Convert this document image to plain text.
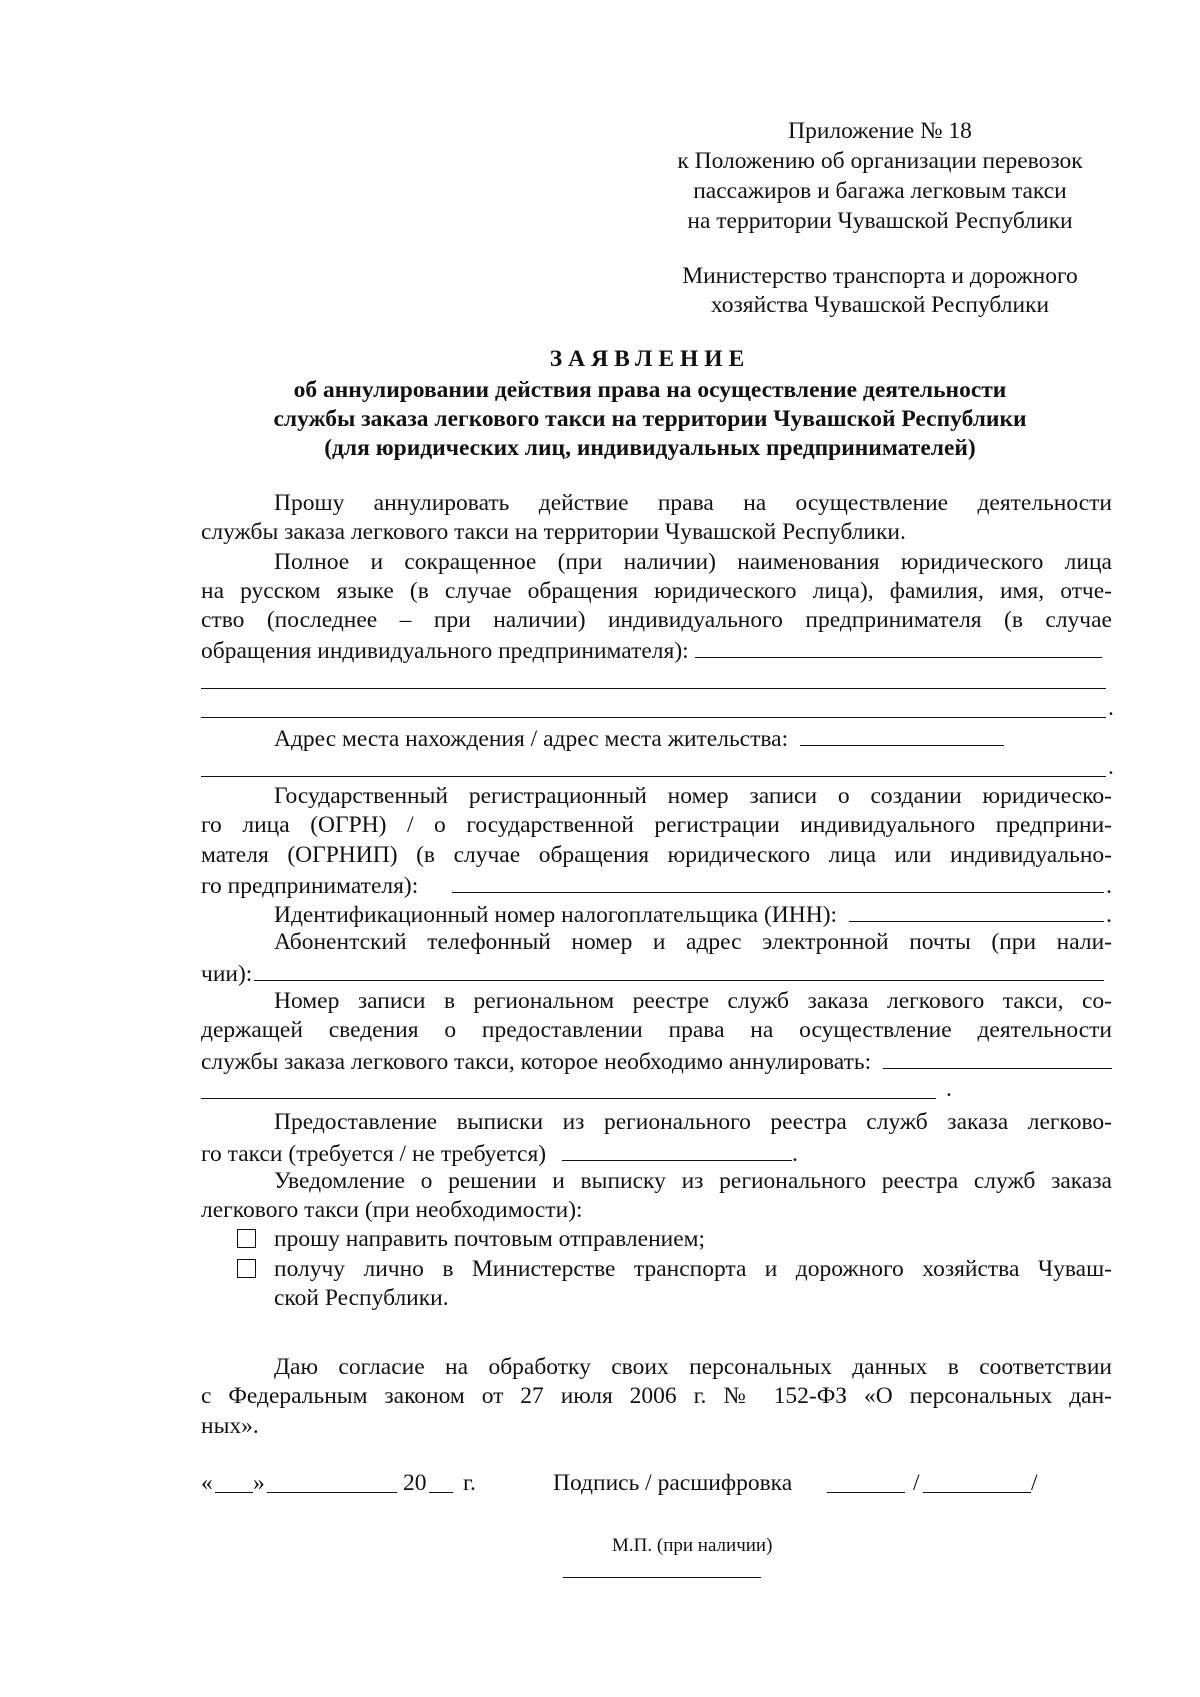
Приложение № 18
к Положению об организации перевозок
пассажиров и багажа легковым такси
на территории Чувашской Республики
Министерство транспорта и дорожного
хозяйства Чувашской Республики
ЗАЯВЛЕНИЕ
об аннулировании действия права на осуществление деятельности
службы заказа легкового такси на территории Чувашской Республики
(для юридических лиц, индивидуальных предпринимателей)
Прошу аннулировать действие права на осуществление деятельности
службы заказа легкового такси на территории Чувашской Республики.
Полное и сокращенное (при наличии) наименования юридического лица
на русском языке (в случае обращения юридического лица), фамилия, имя, отче-
ство (последнее – при наличии) индивидуального предпринимателя (в случае
обращения индивидуального предпринимателя):
.
Адрес места нахождения / адрес места жительства:
.
Государственный регистрационный номер записи о создании юридическо-
го лица (ОГРН) / о государственной регистрации индивидуального предприни-
мателя (ОГРНИП) (в случае обращения юридического лица или индивидуально-
го предпринимателя):	.
Идентификационный номер налогоплательщика (ИНН):	.
Абонентский телефонный номер и адрес электронной почты (при нали-
чии):
Номер записи в региональном реестре служб заказа легкового такси, со-
держащей сведения о предоставлении права на осуществление деятельности
службы заказа легкового такси, которое необходимо аннулировать:
.
Предоставление выписки из регионального реестра служб заказа легково-
го такси (требуется / не требуется)	.
Уведомление о решении и выписку из регионального реестра служб заказа
легкового такси (при необходимости):
прошу направить почтовым отправлением;
получу лично в Министерстве транспорта и дорожного хозяйства Чуваш-
ской Республики.
Даю согласие на обработку своих персональных данных в соответствии
с Федеральным законом от 27 июля 2006 г. № 152-ФЗ «О персональных дан-
ных».
« »	20 г.	Подпись / расшифровка	/	/
М.П. (при наличии)
